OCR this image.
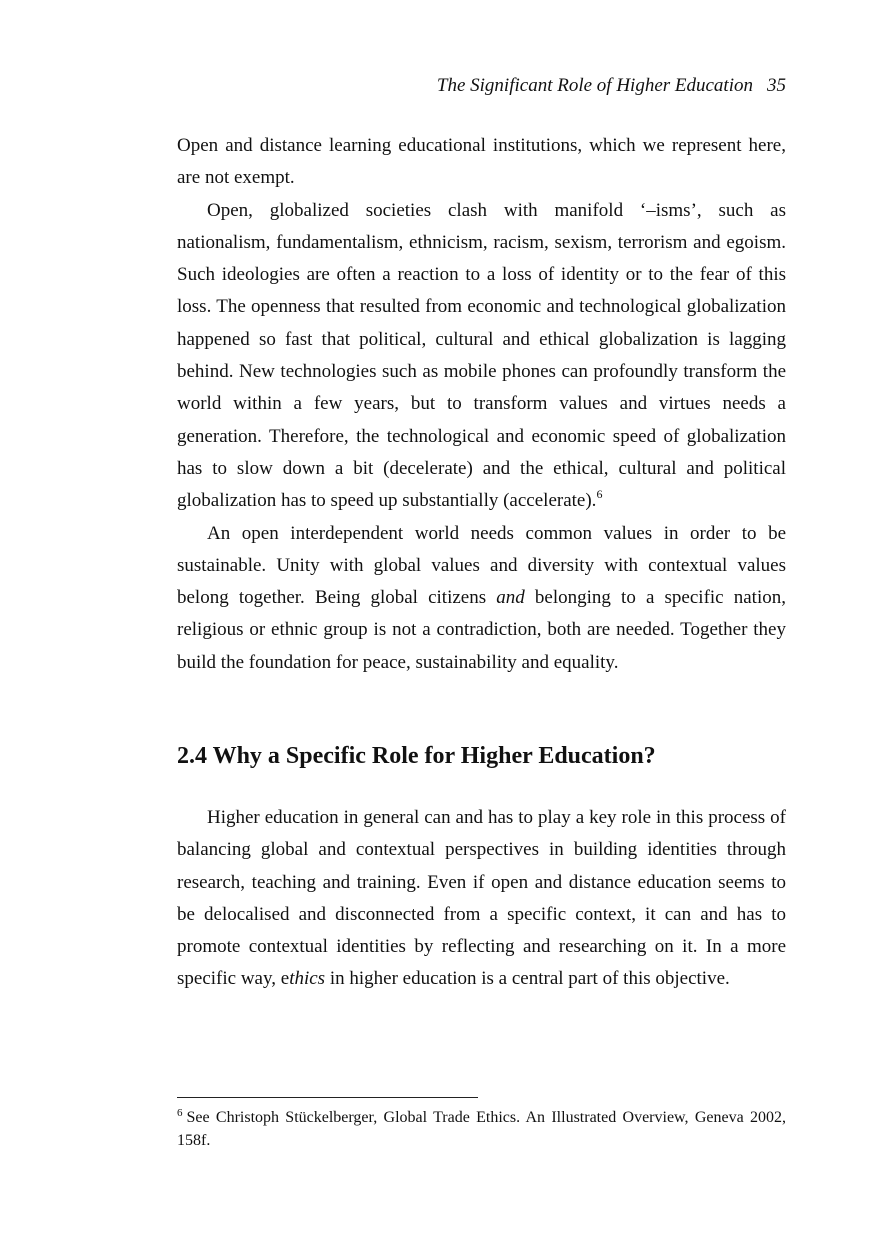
The Significant Role of Higher Education 35

Open and distance learning educational institutions, which we represent here, are not exempt.

Open, globalized societies clash with manifold ‘–isms’, such as nationalism, fundamentalism, ethnicism, racism, sexism, terrorism and egoism. Such ideologies are often a reaction to a loss of identity or to the fear of this loss. The openness that resulted from economic and technological globalization happened so fast that political, cultural and ethical globalization is lagging behind. New technologies such as mobile phones can profoundly transform the world within a few years, but to transform values and virtues needs a generation. Therefore, the technological and economic speed of globalization has to slow down a bit (decelerate) and the ethical, cultural and political globalization has to speed up substantially (accelerate).$^6$

An open interdependent world needs common values in order to be sustainable. Unity with global values and diversity with contextual values belong together. Being global citizens and belonging to a specific nation, religious or ethnic group is not a contradiction, both are needed. Together they build the foundation for peace, sustainability and equality.

2.4 Why a Specific Role for Higher Education?

Higher education in general can and has to play a key role in this process of balancing global and contextual perspectives in building identities through research, teaching and training. Even if open and distance education seems to be delocalised and disconnected from a specific context, it can and has to promote contextual identities by reflecting and researching on it. In a more specific way, ethics in higher education is a central part of this objective.

$^6$ See Christoph Stückelberger, Global Trade Ethics. An Illustrated Overview, Geneva 2002, 158f.
